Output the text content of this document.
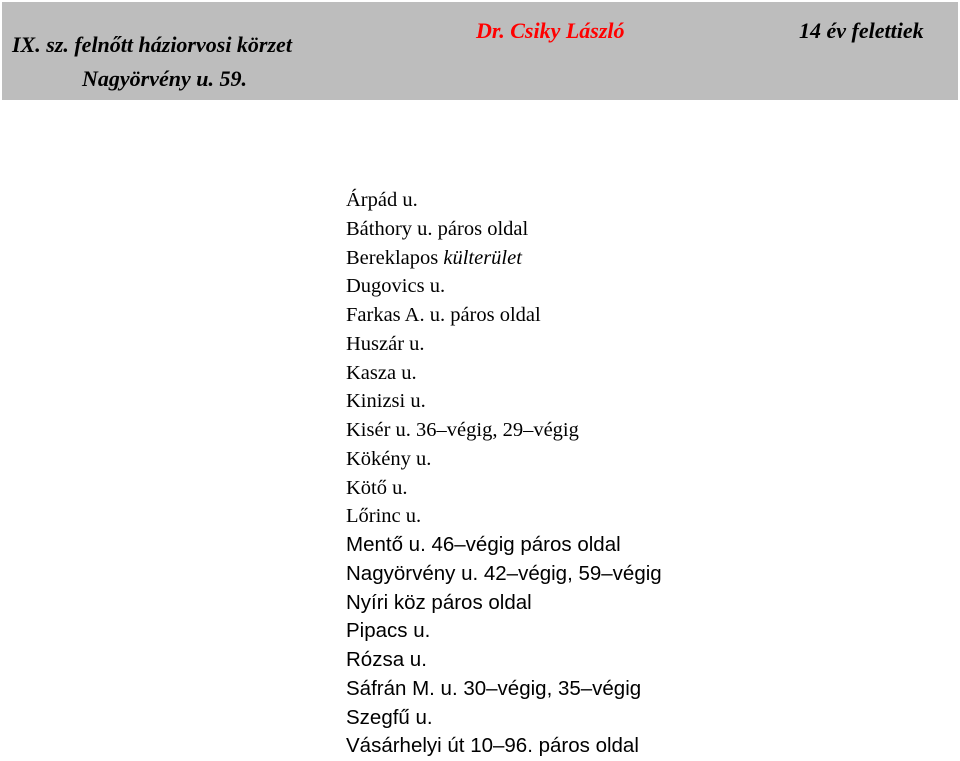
IX. sz. felnőtt háziorvosi körzet
Nagyörvény u. 59.
Dr. Csiky László	14 év felettiek
Árpád u.
Báthory u. páros oldal
Bereklapos külterület
Dugovics u.
Farkas A. u. páros oldal
Huszár u.
Kasza u.
Kinizsi u.
Kisér u. 36–végig, 29–végig
Kökény u.
Kötő u.
Lőrinc u.
Mentő u. 46–végig páros oldal
Nagyörvény u. 42–végig, 59–végig
Nyíri köz páros oldal
Pipacs u.
Rózsa u.
Sáfrán M. u. 30–végig, 35–végig
Szegfű u.
Vásárhelyi út 10–96. páros oldal
